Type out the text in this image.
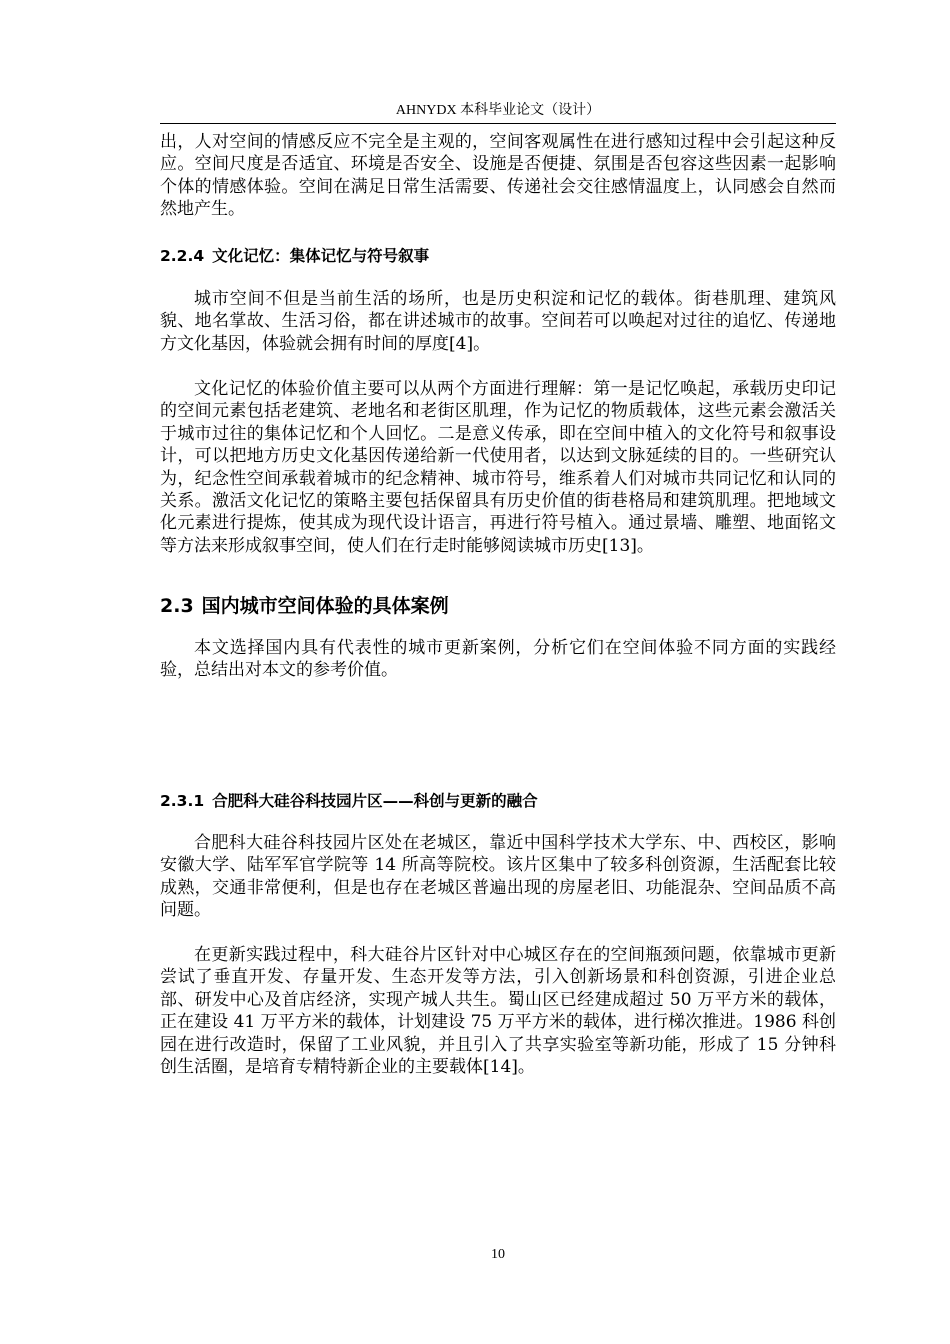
AHNYDX 本科毕业论文（设计）

出，人对空间的情感反应不完全是主观的，空间客观属性在进行感知过程中会引起这种反应。空间尺度是否适宜、环境是否安全、设施是否便捷、氛围是否包容这些因素一起影响个体的情感体验。空间在满足日常生活需要、传递社会交往感情温度上，认同感会自然而然地产生。

2.2.4 文化记忆：集体记忆与符号叙事

城市空间不但是当前生活的场所，也是历史积淀和记忆的载体。街巷肌理、建筑风貌、地名掌故、生活习俗，都在讲述城市的故事。空间若可以唤起对过往的追忆、传递地方文化基因，体验就会拥有时间的厚度[4]。

文化记忆的体验价值主要可以从两个方面进行理解：第一是记忆唤起，承载历史印记的空间元素包括老建筑、老地名和老街区肌理，作为记忆的物质载体，这些元素会激活关于城市过往的集体记忆和个人回忆。二是意义传承，即在空间中植入的文化符号和叙事设计，可以把地方历史文化基因传递给新一代使用者，以达到文脉延续的目的。一些研究认为，纪念性空间承载着城市的纪念精神、城市符号，维系着人们对城市共同记忆和认同的关系。激活文化记忆的策略主要包括保留具有历史价值的街巷格局和建筑肌理。把地域文化元素进行提炼，使其成为现代设计语言，再进行符号植入。通过景墙、雕塑、地面铭文等方法来形成叙事空间，使人们在行走时能够阅读城市历史[13]。

2.3 国内城市空间体验的具体案例

本文选择国内具有代表性的城市更新案例，分析它们在空间体验不同方面的实践经验，总结出对本文的参考价值。

2.3.1 合肥科大硅谷科技园片区——科创与更新的融合

合肥科大硅谷科技园片区处在老城区，靠近中国科学技术大学东、中、西校区，影响安徽大学、陆军军官学院等 14 所高等院校。该片区集中了较多科创资源，生活配套比较成熟，交通非常便利，但是也存在老城区普遍出现的房屋老旧、功能混杂、空间品质不高问题。

在更新实践过程中，科大硅谷片区针对中心城区存在的空间瓶颈问题，依靠城市更新尝试了垂直开发、存量开发、生态开发等方法，引入创新场景和科创资源，引进企业总部、研发中心及首店经济，实现产城人共生。蜀山区已经建成超过 50 万平方米的载体，正在建设 41 万平方米的载体，计划建设 75 万平方米的载体，进行梯次推进。1986 科创园在进行改造时，保留了工业风貌，并且引入了共享实验室等新功能，形成了 15 分钟科创生活圈，是培育专精特新企业的主要载体[14]。

10
